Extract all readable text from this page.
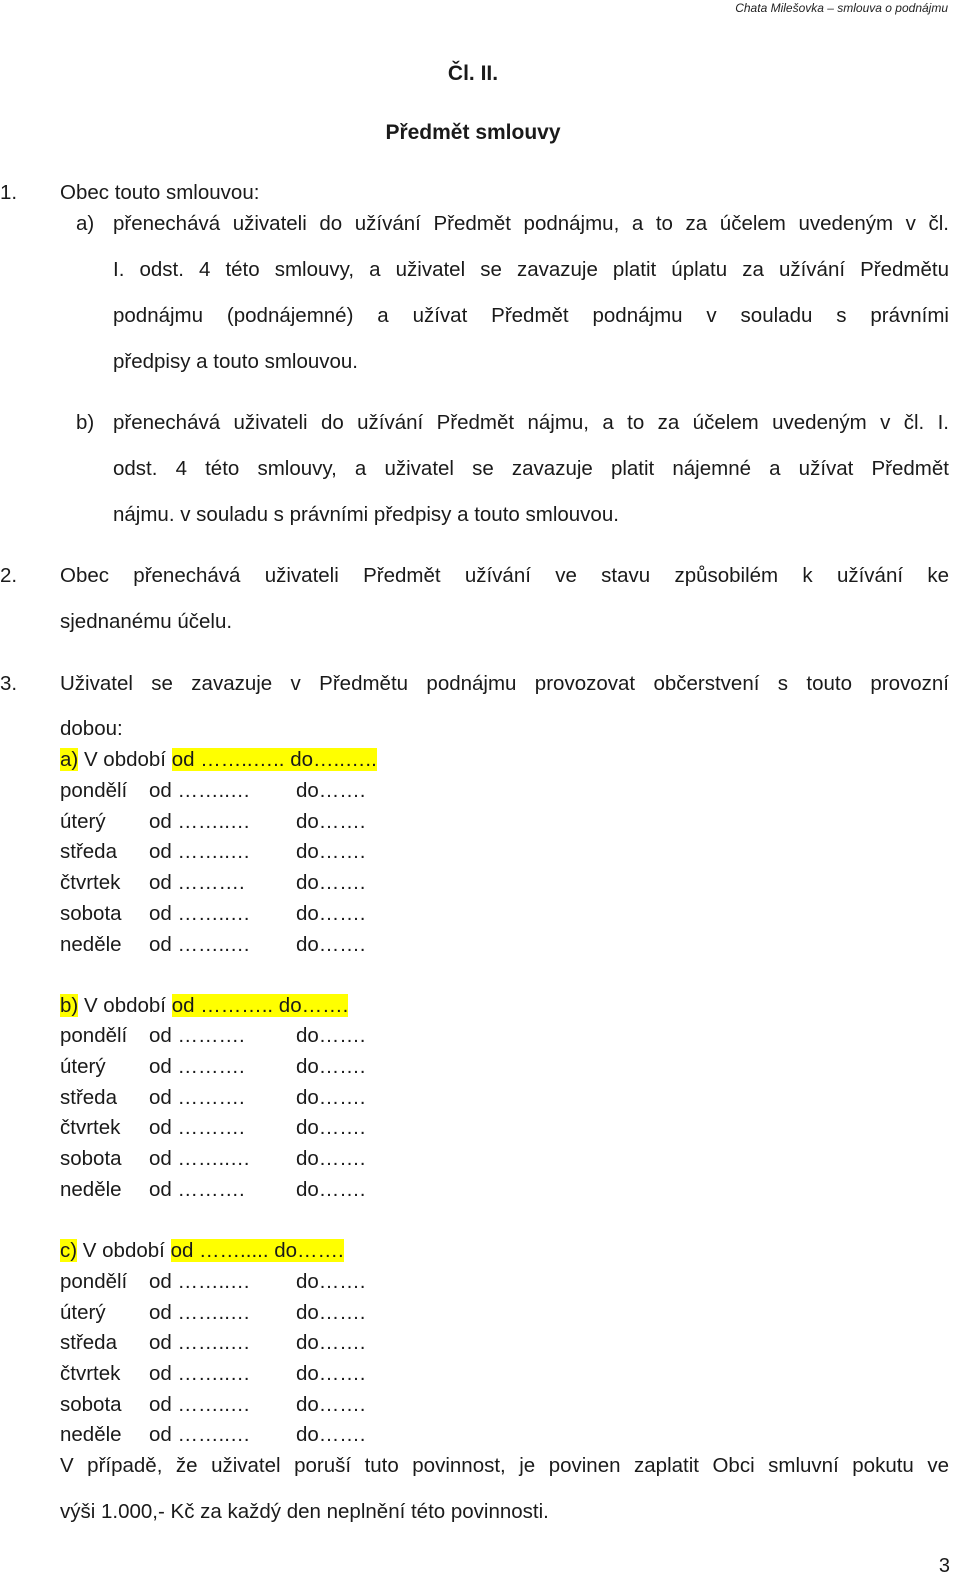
Chata Milešovka – smlouva o podnájmu
Čl. II.
Předmět smlouvy
1. Obec touto smlouvou:
a) přenechává uživateli do užívání Předmět podnájmu, a to za účelem uvedeným v čl.
I. odst. 4 této smlouvy, a uživatel se zavazuje platit úplatu za užívání Předmětu
podnájmu (podnájemné) a užívat Předmět podnájmu v souladu s právními
předpisy a touto smlouvou.
b) přenechává uživateli do užívání Předmět nájmu, a to za účelem uvedeným v čl. I.
odst. 4 této smlouvy, a uživatel se zavazuje platit nájemné a užívat Předmět
nájmu. v souladu s právními předpisy a touto smlouvou.
2. Obec přenechává uživateli Předmět užívání ve stavu způsobilém k užívání ke
sjednanému účelu.
3. Uživatel se zavazuje v Předmětu podnájmu provozovat občerstvení s touto provozní
dobou:
a) V období od ……..….. do…..…..
pondělí od ……..… do…….
úterý od ……..… do…….
středa od ……..… do…….
čtvrtek od ……….	do…….
sobota od ……..… do…….
neděle od ……..… do…….
b) V období od ……….. do…….
pondělí od ……….	do…….
úterý od ……….	do…….
středa od ……….	do…….
čtvrtek od ……….	do…….
sobota od ……..… do…….
neděle od ……….	do…….
c) V období od ……..... do…….
pondělí od ……..… do…….
úterý od ……..… do…….
středa od ……..… do…….
čtvrtek od ……..… do…….
sobota od ……..… do…….
neděle od ……..… do…….
V případě, že uživatel poruší tuto povinnost, je povinen zaplatit Obci smluvní pokutu ve
výši 1.000,- Kč za každý den neplnění této povinnosti.
3
